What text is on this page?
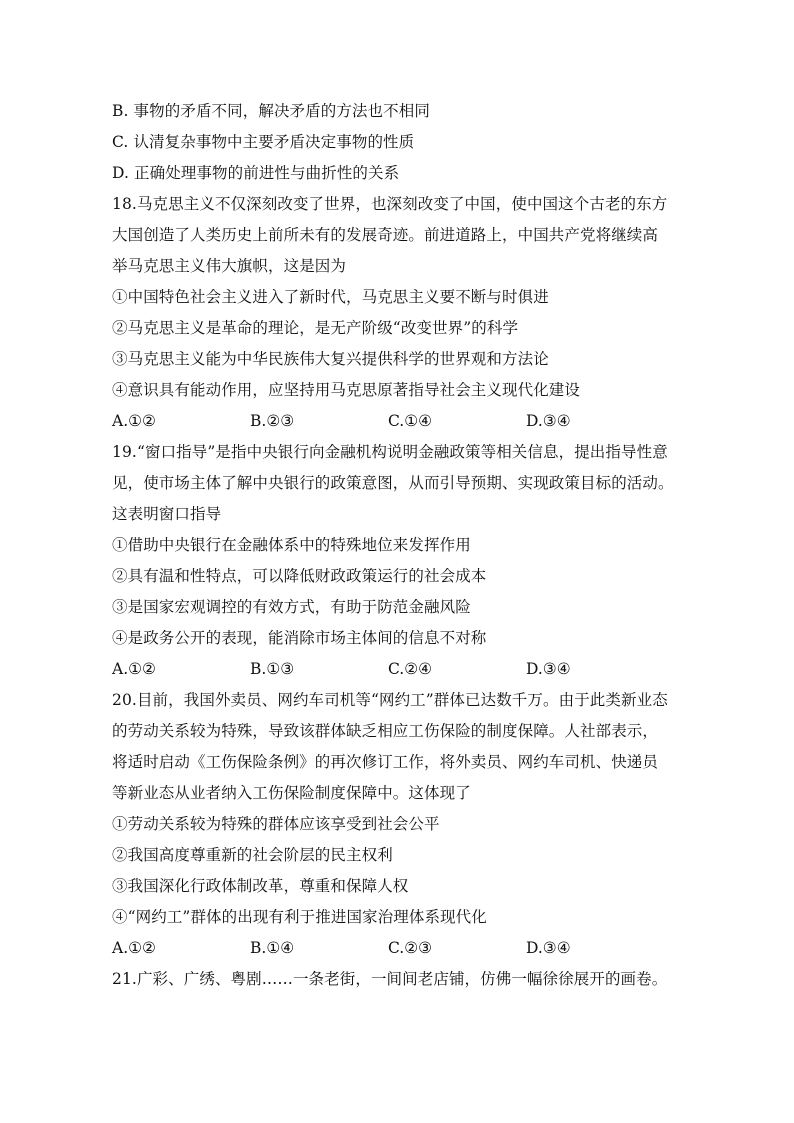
B. 事物的矛盾不同，解决矛盾的方法也不相同
C. 认清复杂事物中主要矛盾决定事物的性质
D. 正确处理事物的前进性与曲折性的关系
18.马克思主义不仅深刻改变了世界，也深刻改变了中国，使中国这个古老的东方
大国创造了人类历史上前所未有的发展奇迹。前进道路上，中国共产党将继续高
举马克思主义伟大旗帜，这是因为
①中国特色社会主义进入了新时代，马克思主义要不断与时俱进
②马克思主义是革命的理论，是无产阶级“改变世界”的科学
③马克思主义能为中华民族伟大复兴提供科学的世界观和方法论
④意识具有能动作用，应坚持用马克思原著指导社会主义现代化建设
A.①②	B.②③	C.①④	D.③④
19.“窗口指导”是指中央银行向金融机构说明金融政策等相关信息，提出指导性意
见，使市场主体了解中央银行的政策意图，从而引导预期、实现政策目标的活动。
这表明窗口指导
①借助中央银行在金融体系中的特殊地位来发挥作用
②具有温和性特点，可以降低财政政策运行的社会成本
③是国家宏观调控的有效方式，有助于防范金融风险
④是政务公开的表现，能消除市场主体间的信息不对称
A.①②	B.①③	C.②④	D.③④
20.目前，我国外卖员、网约车司机等“网约工”群体已达数千万。由于此类新业态
的劳动关系较为特殊，导致该群体缺乏相应工伤保险的制度保障。人社部表示，
将适时启动《工伤保险条例》的再次修订工作，将外卖员、网约车司机、快递员
等新业态从业者纳入工伤保险制度保障中。这体现了
①劳动关系较为特殊的群体应该享受到社会公平
②我国高度尊重新的社会阶层的民主权利
③我国深化行政体制改革，尊重和保障人权
④“网约工”群体的出现有利于推进国家治理体系现代化
A.①②	B.①④	C.②③	D.③④
21.广彩、广绣、粤剧……一条老街，一间间老店铺，仿佛一幅徐徐展开的画卷。
